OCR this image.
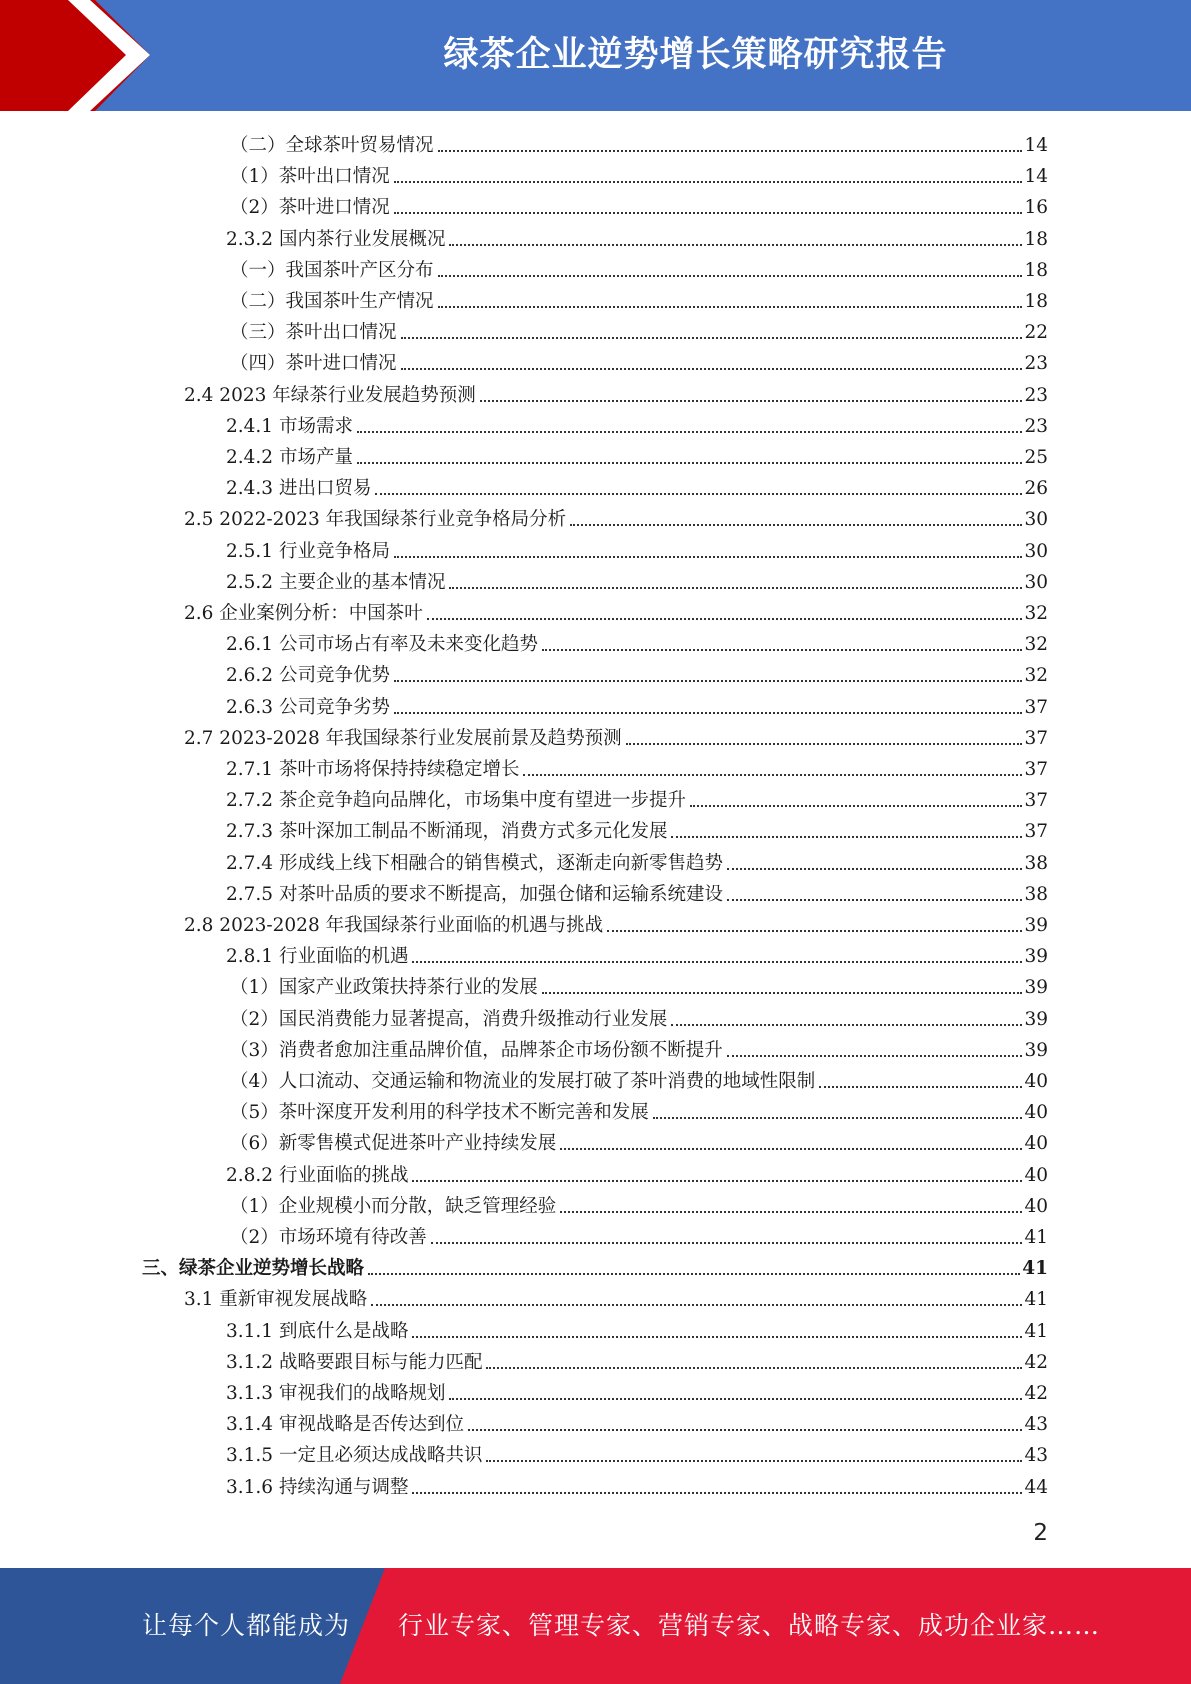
绿茶企业逆势增长策略研究报告
（二）全球茶叶贸易情况	14
（1）茶叶出口情况	14
（2）茶叶进口情况	16
2.3.2 国内茶行业发展概况	18
（一）我国茶叶产区分布	18
（二）我国茶叶生产情况	18
（三）茶叶出口情况	22
（四）茶叶进口情况	23
2.4 2023 年绿茶行业发展趋势预测	23
2.4.1 市场需求	23
2.4.2 市场产量	25
2.4.3 进出口贸易	26
2.5 2022-2023 年我国绿茶行业竞争格局分析	30
2.5.1 行业竞争格局	30
2.5.2 主要企业的基本情况	30
2.6 企业案例分析：中国茶叶	32
2.6.1 公司市场占有率及未来变化趋势	32
2.6.2 公司竞争优势	32
2.6.3 公司竞争劣势	37
2.7 2023-2028 年我国绿茶行业发展前景及趋势预测	37
2.7.1 茶叶市场将保持持续稳定增长	37
2.7.2 茶企竞争趋向品牌化，市场集中度有望进一步提升	37
2.7.3 茶叶深加工制品不断涌现，消费方式多元化发展	37
2.7.4 形成线上线下相融合的销售模式，逐渐走向新零售趋势	38
2.7.5 对茶叶品质的要求不断提高，加强仓储和运输系统建设	38
2.8 2023-2028 年我国绿茶行业面临的机遇与挑战	39
2.8.1 行业面临的机遇	39
（1）国家产业政策扶持茶行业的发展	39
（2）国民消费能力显著提高，消费升级推动行业发展	39
（3）消费者愈加注重品牌价值，品牌茶企市场份额不断提升	39
（4）人口流动、交通运输和物流业的发展打破了茶叶消费的地域性限制	40
（5）茶叶深度开发利用的科学技术不断完善和发展	40
（6）新零售模式促进茶叶产业持续发展	40
2.8.2 行业面临的挑战	40
（1）企业规模小而分散，缺乏管理经验	40
（2）市场环境有待改善	41
三、绿茶企业逆势增长战略	41
3.1 重新审视发展战略	41
3.1.1 到底什么是战略	41
3.1.2 战略要跟目标与能力匹配	42
3.1.3 审视我们的战略规划	42
3.1.4 审视战略是否传达到位	43
3.1.5 一定且必须达成战略共识	43
3.1.6 持续沟通与调整	44
2
让每个人都能成为 行业专家、管理专家、营销专家、战略专家、成功企业家……
